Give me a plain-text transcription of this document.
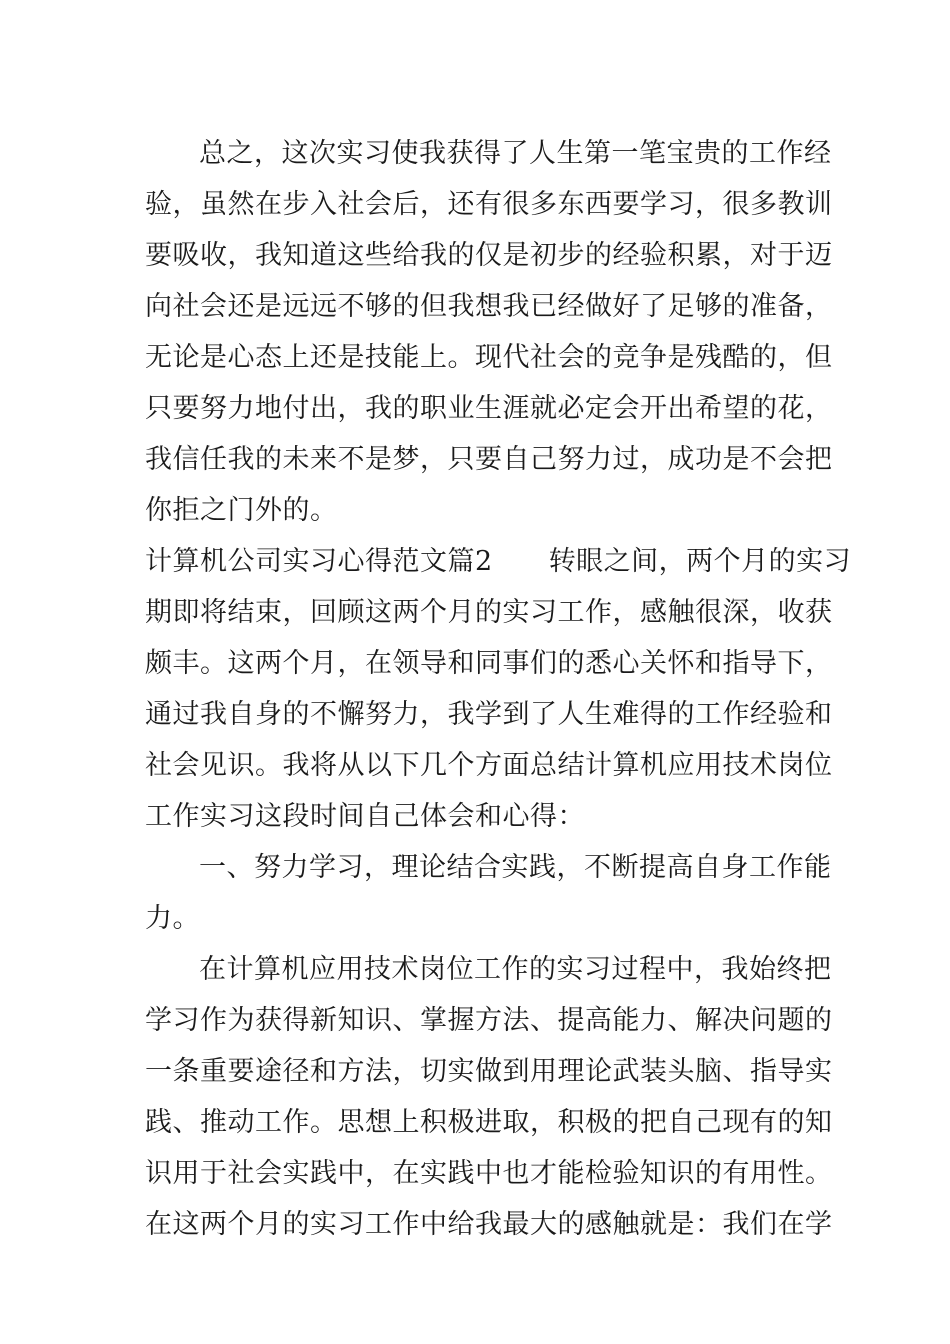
总之，这次实习使我获得了人生第一笔宝贵的工作经
验，虽然在步入社会后，还有很多东西要学习，很多教训
要吸收，我知道这些给我的仅是初步的经验积累，对于迈
向社会还是远远不够的但我想我已经做好了足够的准备，
无论是心态上还是技能上。现代社会的竞争是残酷的，但
只要努力地付出，我的职业生涯就必定会开出希望的花，
我信任我的未来不是梦，只要自己努力过，成功是不会把
你拒之门外的。
计算机公司实习心得范文篇2 转眼之间，两个月的实习
期即将结束，回顾这两个月的实习工作，感触很深，收获
颇丰。这两个月，在领导和同事们的悉心关怀和指导下，
通过我自身的不懈努力，我学到了人生难得的工作经验和
社会见识。我将从以下几个方面总结计算机应用技术岗位
工作实习这段时间自己体会和心得：
一、努力学习，理论结合实践，不断提高自身工作能
力。
在计算机应用技术岗位工作的实习过程中，我始终把
学习作为获得新知识、掌握方法、提高能力、解决问题的
一条重要途径和方法，切实做到用理论武装头脑、指导实
践、推动工作。思想上积极进取，积极的把自己现有的知
识用于社会实践中，在实践中也才能检验知识的有用性。
在这两个月的实习工作中给我最大的感触就是：我们在学
